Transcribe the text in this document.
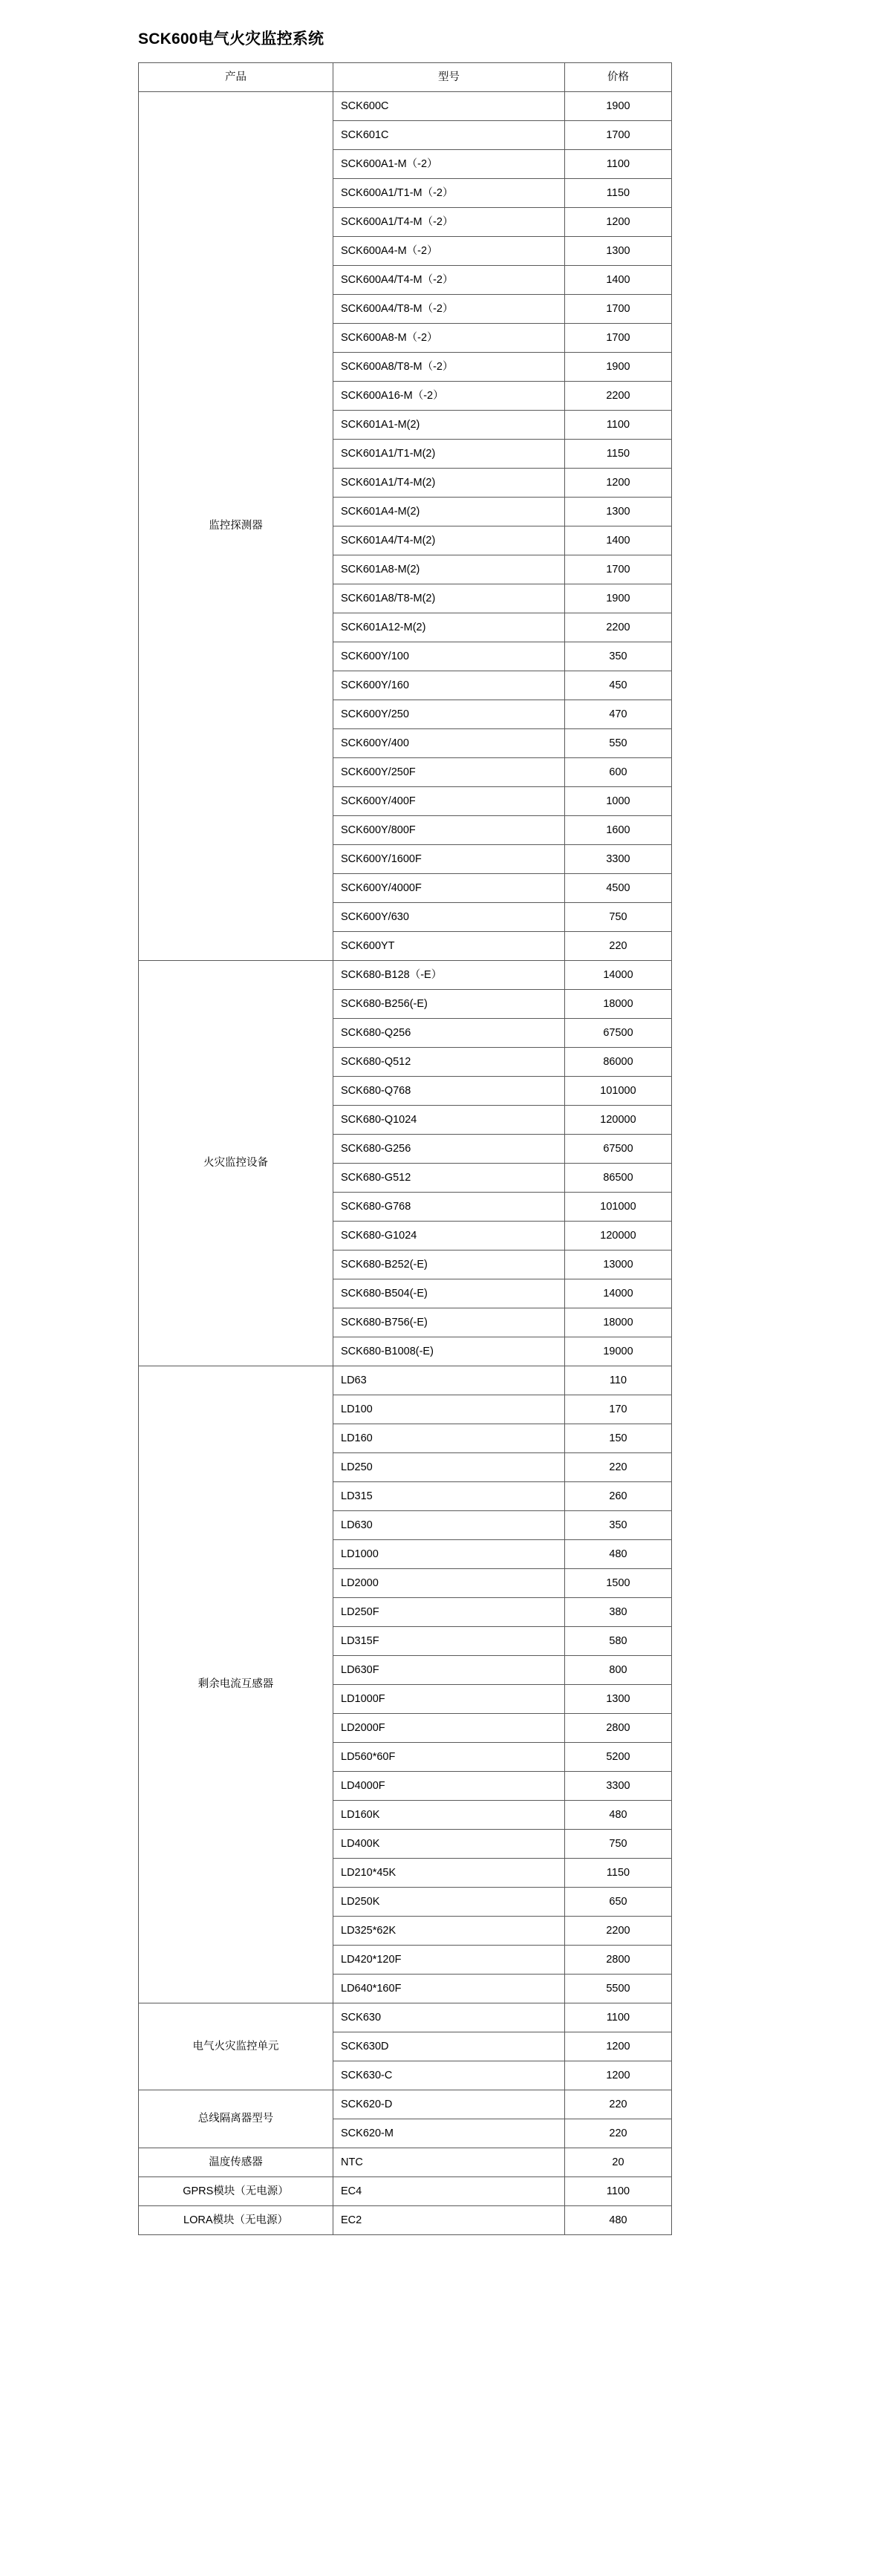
SCK600电气火灾监控系统
产品	型号	价格
监控探测器	SCK600C	1900
	SCK601C	1700
	SCK600A1-M（-2）	1100
	SCK600A1/T1-M（-2）	1150
	SCK600A1/T4-M（-2）	1200
	SCK600A4-M（-2）	1300
	SCK600A4/T4-M（-2）	1400
	SCK600A4/T8-M（-2）	1700
	SCK600A8-M（-2）	1700
	SCK600A8/T8-M（-2）	1900
	SCK600A16-M（-2）	2200
	SCK601A1-M(2)	1100
	SCK601A1/T1-M(2)	1150
	SCK601A1/T4-M(2)	1200
	SCK601A4-M(2)	1300
	SCK601A4/T4-M(2)	1400
	SCK601A8-M(2)	1700
	SCK601A8/T8-M(2)	1900
	SCK601A12-M(2)	2200
	SCK600Y/100	350
	SCK600Y/160	450
	SCK600Y/250	470
	SCK600Y/400	550
	SCK600Y/250F	600
	SCK600Y/400F	1000
	SCK600Y/800F	1600
	SCK600Y/1600F	3300
	SCK600Y/4000F	4500
	SCK600Y/630	750
	SCK600YT	220
火灾监控设备	SCK680-B128（-E）	14000
	SCK680-B256(-E)	18000
	SCK680-Q256	67500
	SCK680-Q512	86000
	SCK680-Q768	101000
	SCK680-Q1024	120000
	SCK680-G256	67500
	SCK680-G512	86500
	SCK680-G768	101000
	SCK680-G1024	120000
	SCK680-B252(-E)	13000
	SCK680-B504(-E)	14000
	SCK680-B756(-E)	18000
	SCK680-B1008(-E)	19000
剩余电流互感器	LD63	110
	LD100	170
	LD160	150
	LD250	220
	LD315	260
	LD630	350
	LD1000	480
	LD2000	1500
	LD250F	380
	LD315F	580
	LD630F	800
	LD1000F	1300
	LD2000F	2800
	LD560*60F	5200
	LD4000F	3300
	LD160K	480
	LD400K	750
	LD210*45K	1150
	LD250K	650
	LD325*62K	2200
	LD420*120F	2800
	LD640*160F	5500
电气火灾监控单元	SCK630	1100
	SCK630D	1200
	SCK630-C	1200
总线隔离器型号	SCK620-D	220
	SCK620-M	220
温度传感器	NTC	20
GPRS模块（无电源）	EC4	1100
LORA模块（无电源）	EC2	480
